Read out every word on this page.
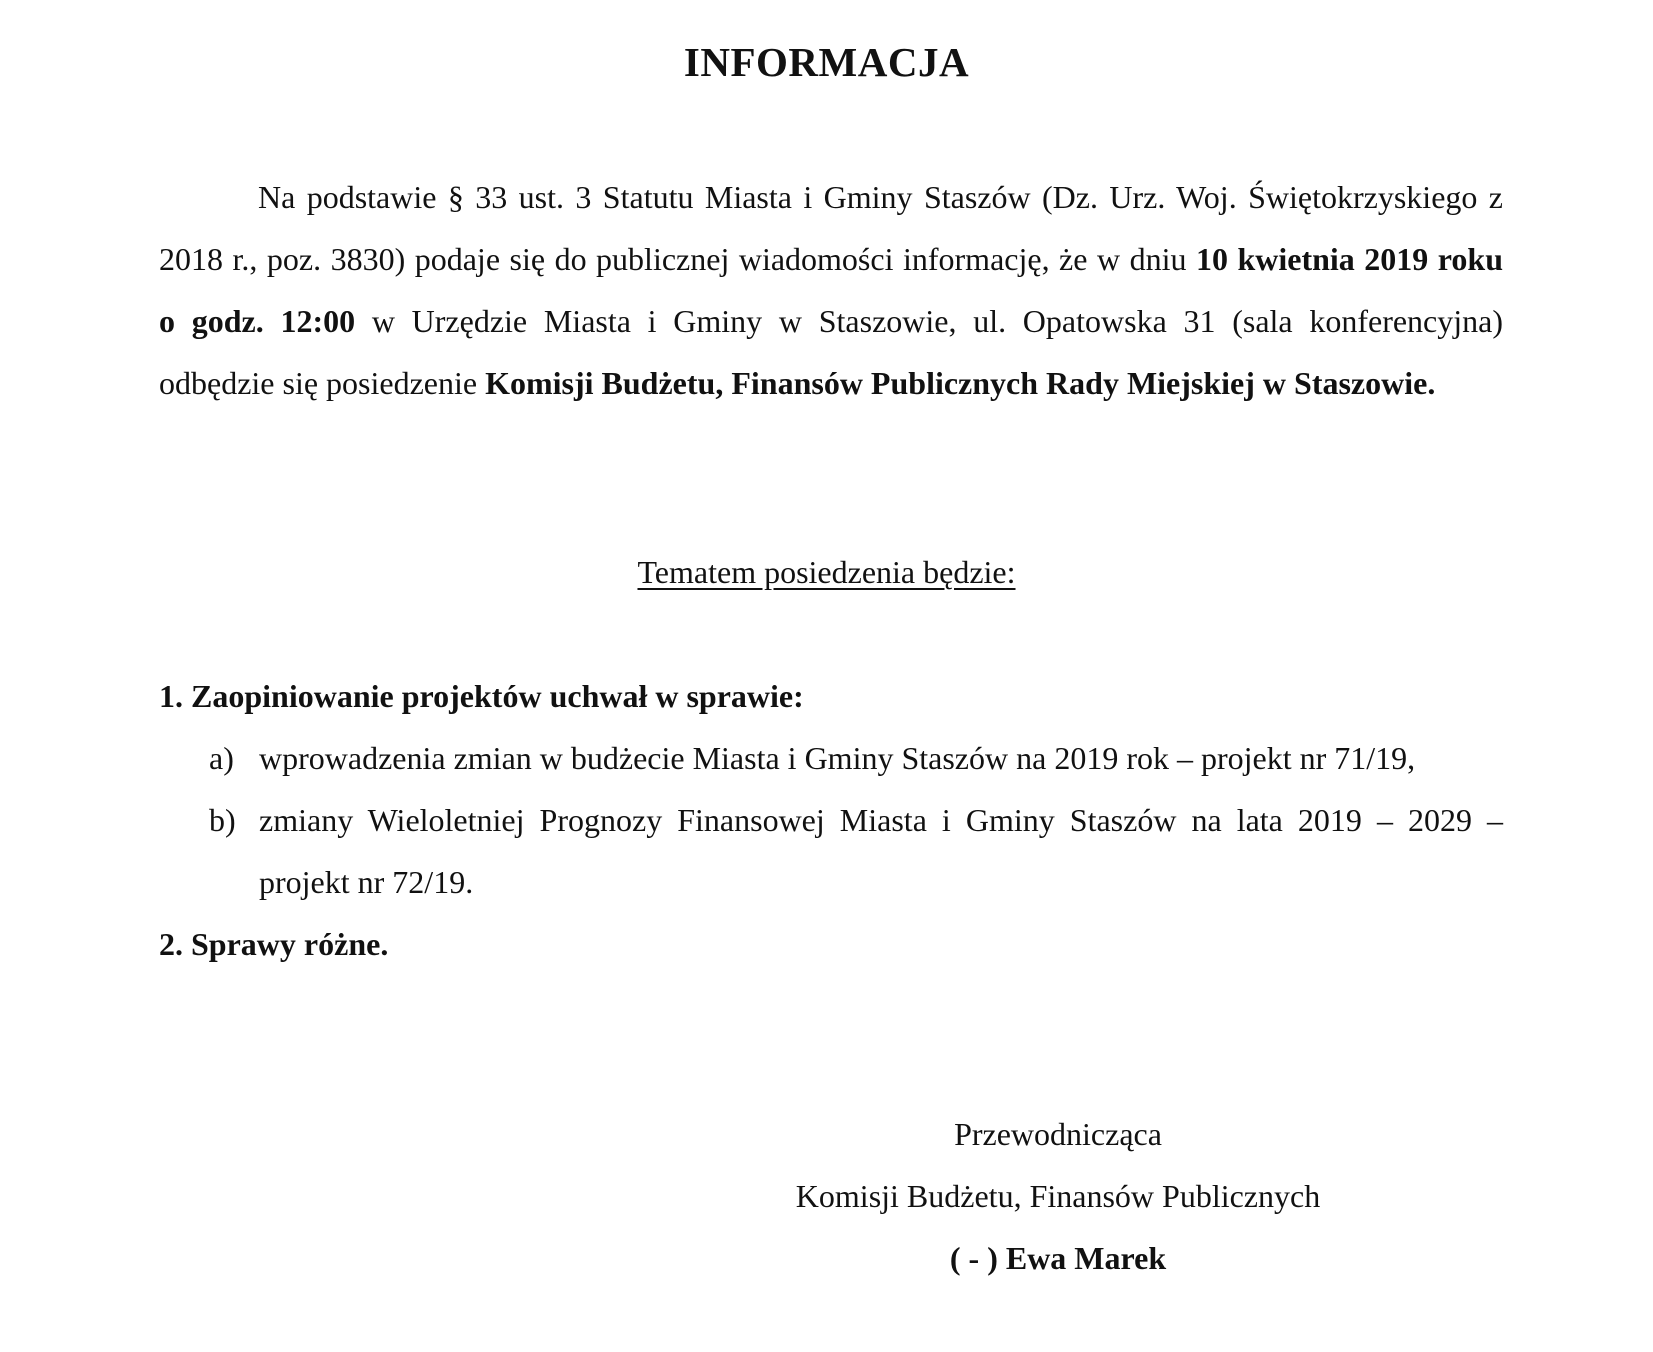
INFORMACJA

Na podstawie § 33 ust. 3 Statutu Miasta i Gminy Staszów (Dz. Urz. Woj. Świętokrzyskiego z 2018 r., poz. 3830) podaje się do publicznej wiadomości informację, że w dniu 10 kwietnia 2019 roku o godz. 12:00 w Urzędzie Miasta i Gminy w Staszowie, ul. Opatowska 31 (sala konferencyjna) odbędzie się posiedzenie Komisji Budżetu, Finansów Publicznych Rady Miejskiej w Staszowie.

Tematem posiedzenia będzie:
1. Zaopiniowanie projektów uchwał w sprawie:
a) wprowadzenia zmian w budżecie Miasta i Gminy Staszów na 2019 rok – projekt nr 71/19,
b) zmiany Wieloletniej Prognozy Finansowej Miasta i Gminy Staszów na lata 2019 – 2029 – projekt nr 72/19.
2. Sprawy różne.
Przewodnicząca
Komisji Budżetu, Finansów Publicznych
( - ) Ewa Marek
